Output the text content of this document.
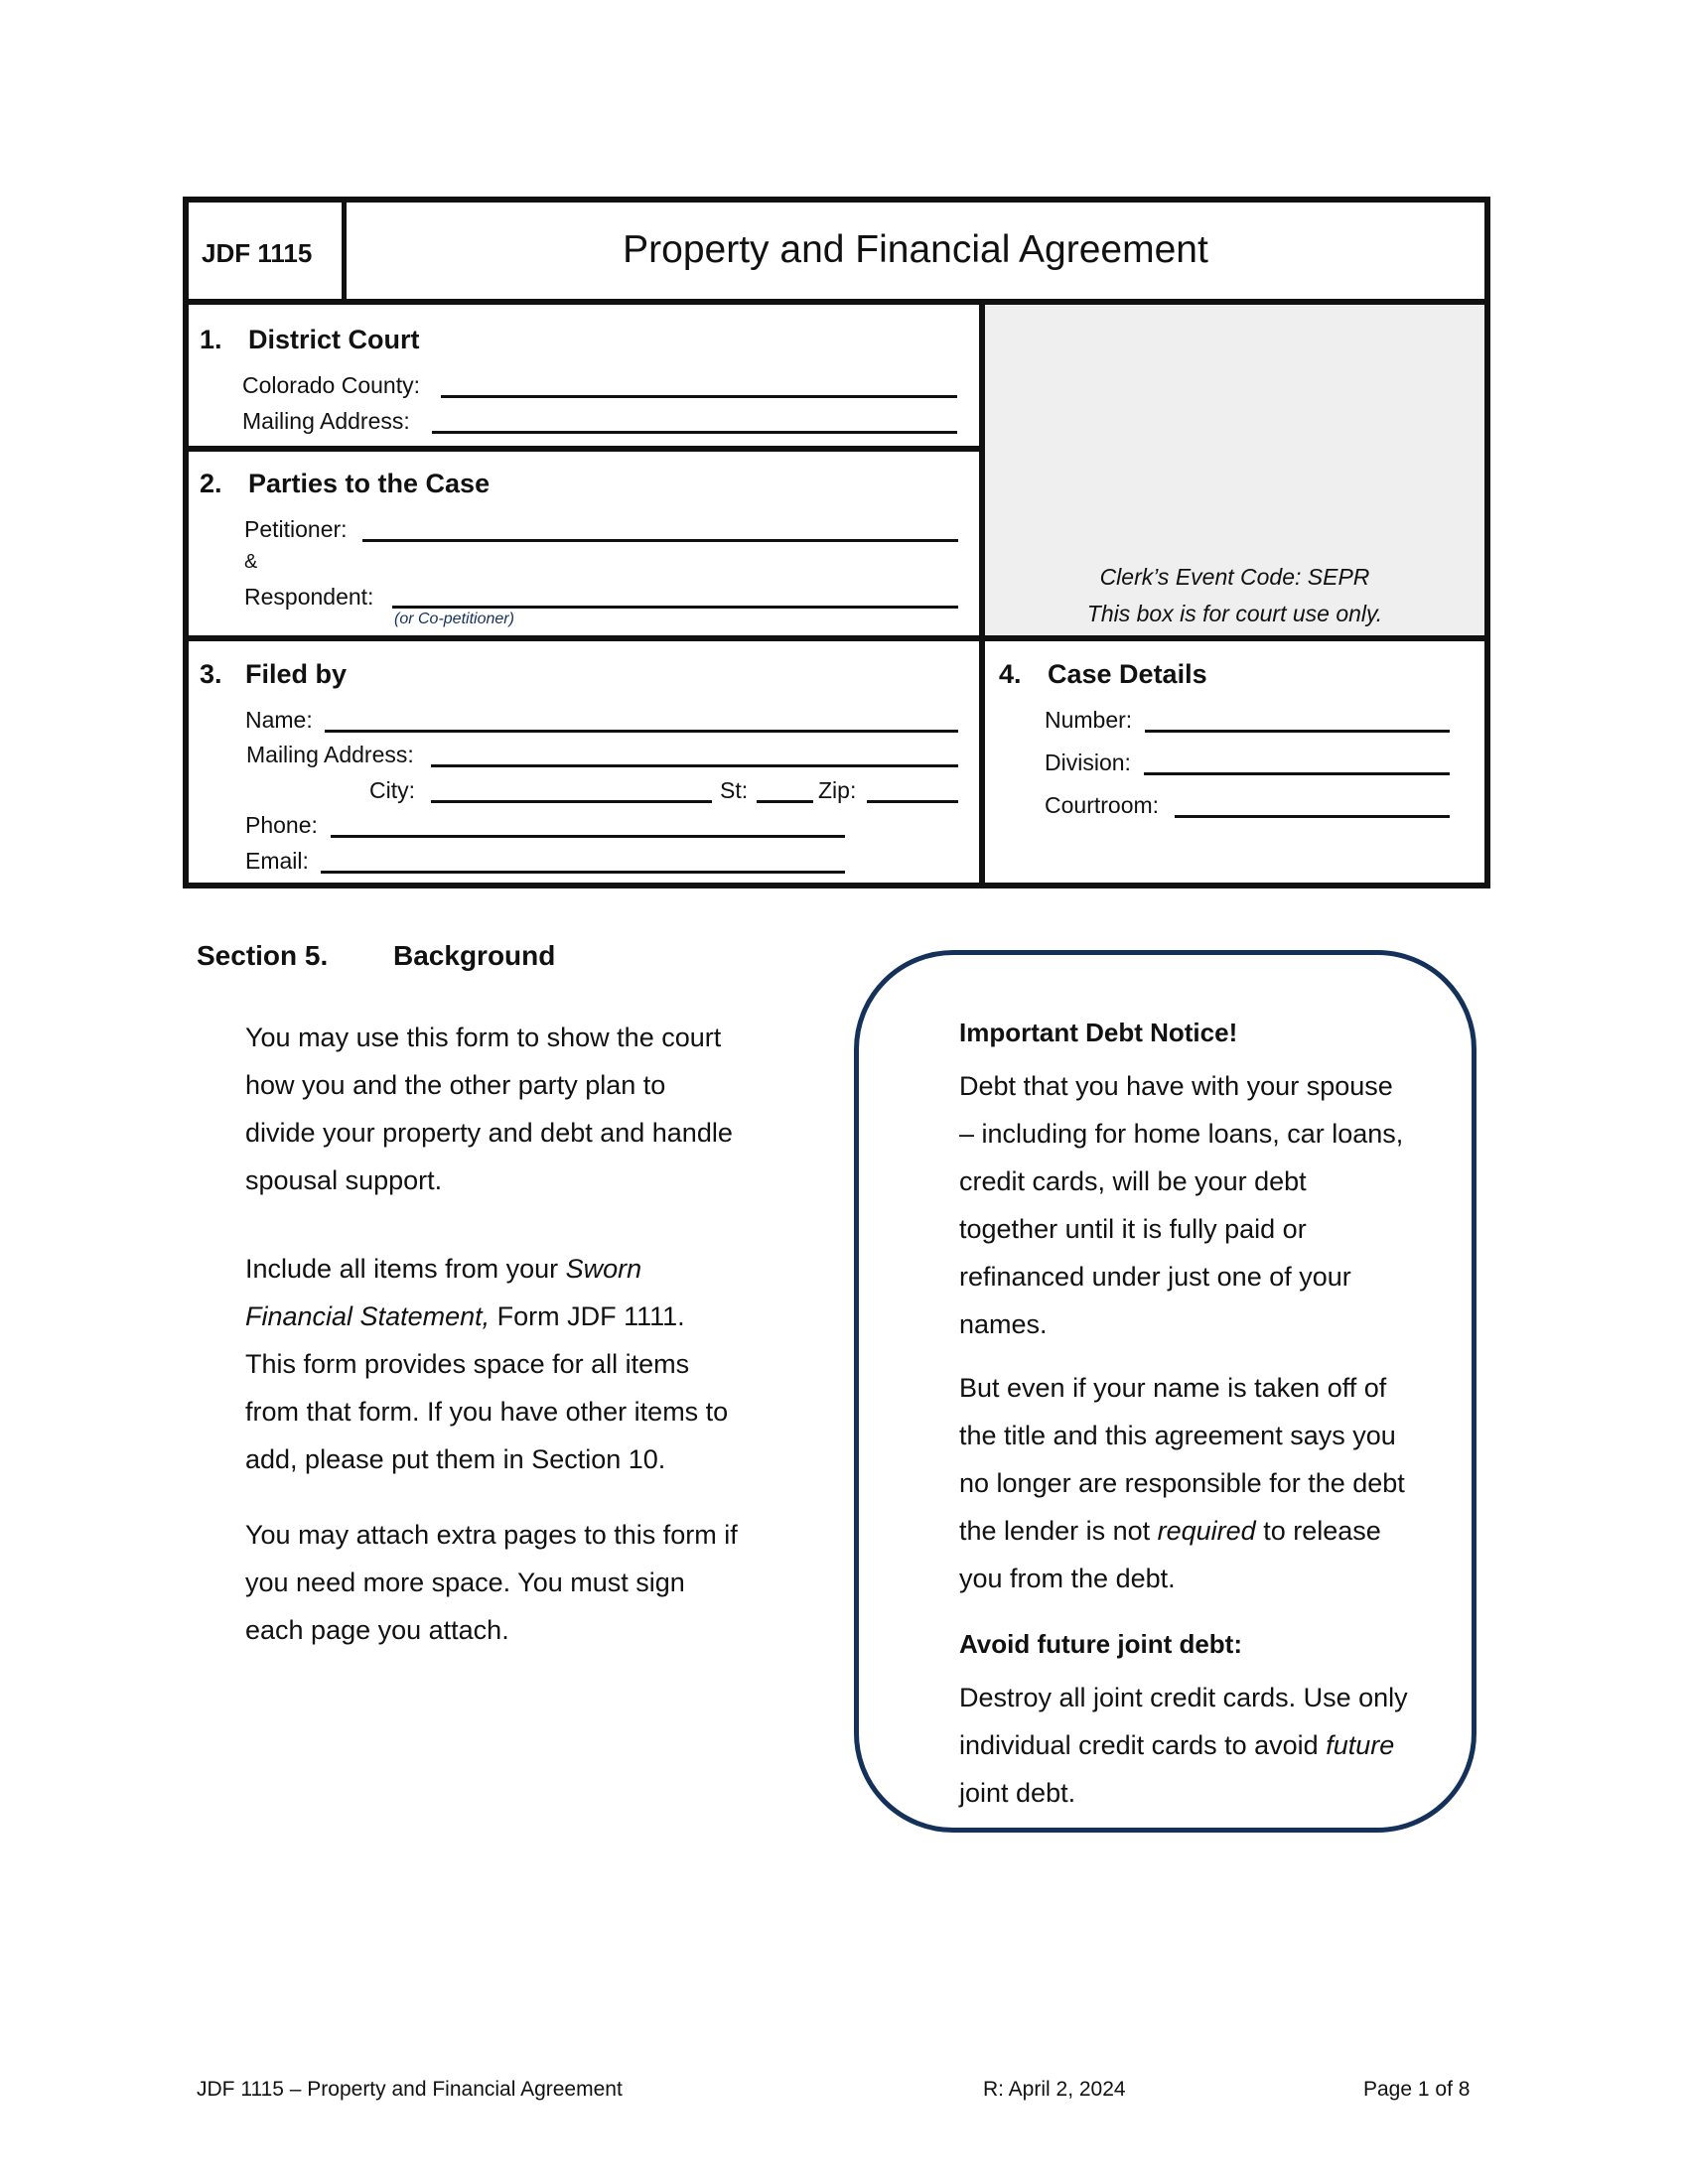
JDF 1115	Property and Financial Agreement
1. District Court
Colorado County:
Mailing Address:
2. Parties to the Case
Petitioner:
&
Respondent:
(or Co-petitioner)
Clerk’s Event Code: SEPR
This box is for court use only.
3. Filed by
Name:
Mailing Address:
City:	St:	Zip:
Phone:
Email:
4. Case Details
Number:
Division:
Courtroom:
Section 5. Background
You may use this form to show the court how you and the other party plan to divide your property and debt and handle spousal support.
Include all items from your Sworn Financial Statement, Form JDF 1111. This form provides space for all items from that form. If you have other items to add, please put them in Section 10.
You may attach extra pages to this form if you need more space. You must sign each page you attach.

Important Debt Notice!

Debt that you have with your spouse – including for home loans, car loans, credit cards, will be your debt together until it is fully paid or refinanced under just one of your names.

But even if your name is taken off of the title and this agreement says you no longer are responsible for the debt the lender is not required to release you from the debt.

Avoid future joint debt:

Destroy all joint credit cards. Use only individual credit cards to avoid future joint debt.

JDF 1115 – Property and Financial Agreement	R: April 2, 2024	Page 1 of 8
